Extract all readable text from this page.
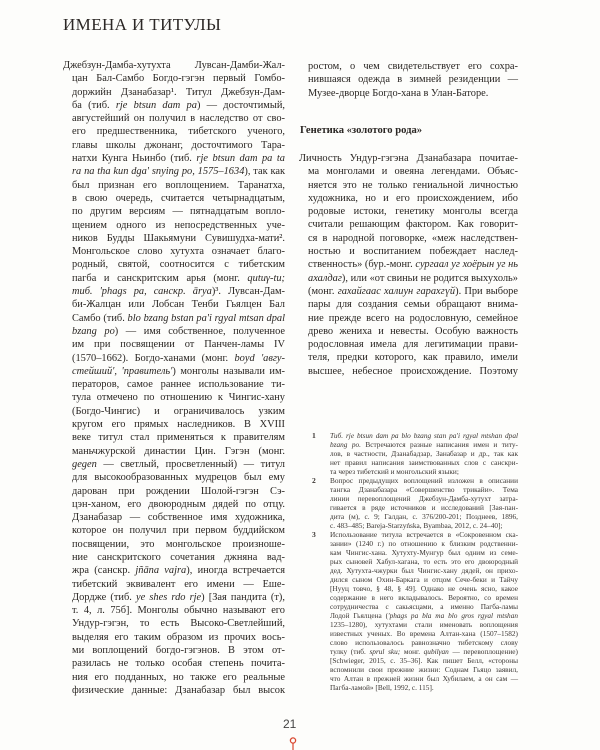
ИМЕНА И ТИТУЛЫ
Джебзун-Дамба-хутухта Лувсан-Дамби-Жал-
цан Бал-Самбо Богдо-гэгэн первый Гомбо-
доржийн Дзанабазар¹. Титул Джебзун-Дам-
ба (тиб. rje btsun dam pa) — досточтимый,
августейший он получил в наследство от сво-
его предшественника, тибетского ученого,
главы школы джонанг, досточтимого Тара-
натхи Кунга Ньинбо (тиб. rje btsun dam pa ta
ra na tha kun dga' snying po, 1575–1634), так как
был признан его воплощением. Таранатха,
в свою очередь, считается четырнадцатым,
по другим версиям — пятнадцатым вопло-
щением одного из непосредственных уче-
ников Будды Шакьямуни Сувишудха-мати².
Монгольское слово хутухта означает благо-
родный, святой, соотносится с тибетским
пагба и санскритским арья (монг. qutuγ-tu;
тиб. 'phags pa, санскр. ārya)³. Лувсан-Дам-
би-Жалцан или Лобсан Тенби Гьялцен Бал
Самбо (тиб. blo bzang bstan pa'i rgyal mtsan dpal
bzang po) — имя собственное, полученное
им при посвящении от Панчен-ламы IV
(1570–1662). Богдо-ханами (монг. boyd 'авгу-
стейший', 'правитель') монголы называли им-
ператоров, самое раннее использование ти-
тула отмечено по отношению к Чингис-хану
(Богдо-Чингис) и ограничивалось узким
кругом его прямых наследников. В XVIII
веке титул стал применяться к правителям
маньчжурской династии Цин. Гэгэн (монг.
gegen — светлый, просветленный) — титул
для высокообразованных мудрецов был ему
дарован при рождении Шолой-гэгэн Сэ-
цэн-ханом, его двоюродным дядей по отцу.
Дзанабазар — собственное имя художника,
которое он получил при первом буддийском
посвящении, это монгольское произноше-
ние санскритского сочетания джняна вад-
жра (санскр. jñāna vajra), иногда встречается
тибетский эквивалент его имени — Еше-
Дордже (тиб. ye shes rdo rje) [Зая пандита (т),
т. 4, л. 75б]. Монголы обычно называют его
Ундур-гэгэн, то есть Высоко-Светлейший,
выделяя его таким образом из прочих вось-
ми воплощений богдо-гэгэнов. В этом от-
разилась не только особая степень почита-
ния его подданных, но также его реальные
физические данные: Дзанабазар был высок
ростом, о чем свидетельствует его сохра-
нившаяся одежда в зимней резиденции —
Музее-дворце Богдо-хана в Улан-Баторе.
Генетика «золотого рода»
Личность Ундур-гэгэна Дзанабазара почитае-
ма монголами и овеяна легендами. Объяс-
няется это не только гениальной личностью
художника, но и его происхождением, ибо
родовые истоки, генетику монголы всегда
считали решающим фактором. Как говорит-
ся в народной поговорке, «меж наследствен-
ностью и воспитанием побеждает наслед-
ственность» (бур.-монг. сургаал уг хоёрын уг нь
ахалдаг), или «от свиньи не родится выхухоль»
(монг. гахайгаас халиун гарахгүй). При выборе
пары для создания семьи обращают внима-
ние прежде всего на родословную, семейное
древо жениха и невесты. Особую важность
родословная имела для легитимации прави-
теля, предки которого, как правило, имели
высшее, небесное происхождение. Поэтому
1	Тиб. rje btsun dam pa blo bzang stan pa'i rgyal mtshan dpal
bzang po. Встречаются разные написания имен и титу-
лов, в частности, Дзанабадзар, Занабазар и др., так как
нет правил написания заимствованных слов с санскри-
та через тибетский и монгольский языки;
2	Вопрос предыдущих воплощений изложен в описании
тангка Дзанабазара «Совершенство трикайи». Тема
линии перевоплощений Джебзун-Дамба-хутухт затра-
гивается в ряде источников и исследований [Зая-пан-
дита (м), с. 9; Галдан, с. 376/200-201; Позднеев, 1896,
с. 483–485; Bareja-Starzyńska, Byambaa, 2012, с. 24–40];
3	Использование титула встречается в «Сокровенном ска-
зании» (1240 г.) по отношению к близким родственни-
кам Чингис-хана. Хутухту-Мунгур был одним из семе-
рых сыновей Хабул-хагана, то есть это его двоюродный
дед. Хутухта-чжурки был Чингис-хану дядей, он прихо-
дился сыном Охин-Баркага и отцом Сече-беки и Тайчу
[Нууц товчо, § 48, § 49]. Однако не очень ясно, какое
содержание в него вкладывалось. Вероятно, со времен
сотрудничества с сакьясцами, а именно Пагба-ламы
Лодой Гьялцена ('phags pa bla ma blo gros rgyal mtshan
1235–1280), хутухтами стали именовать воплощения
известных ученых. Во времена Алтан-хана (1507–1582)
слово использовалось равнозначно тибетскому слову
тулку (тиб. sprul sku; монг. qubilγan — перевоплощение)
[Schwieger, 2015, с. 35–36]. Как пишет Белл, «стороны
вспомнили свои прежние жизни: Соднам Гьяцо заявил,
что Алтан в прежней жизни был Хубилаем, а он сам —
Пагба-ламой» [Bell, 1992, с. 115].
21
